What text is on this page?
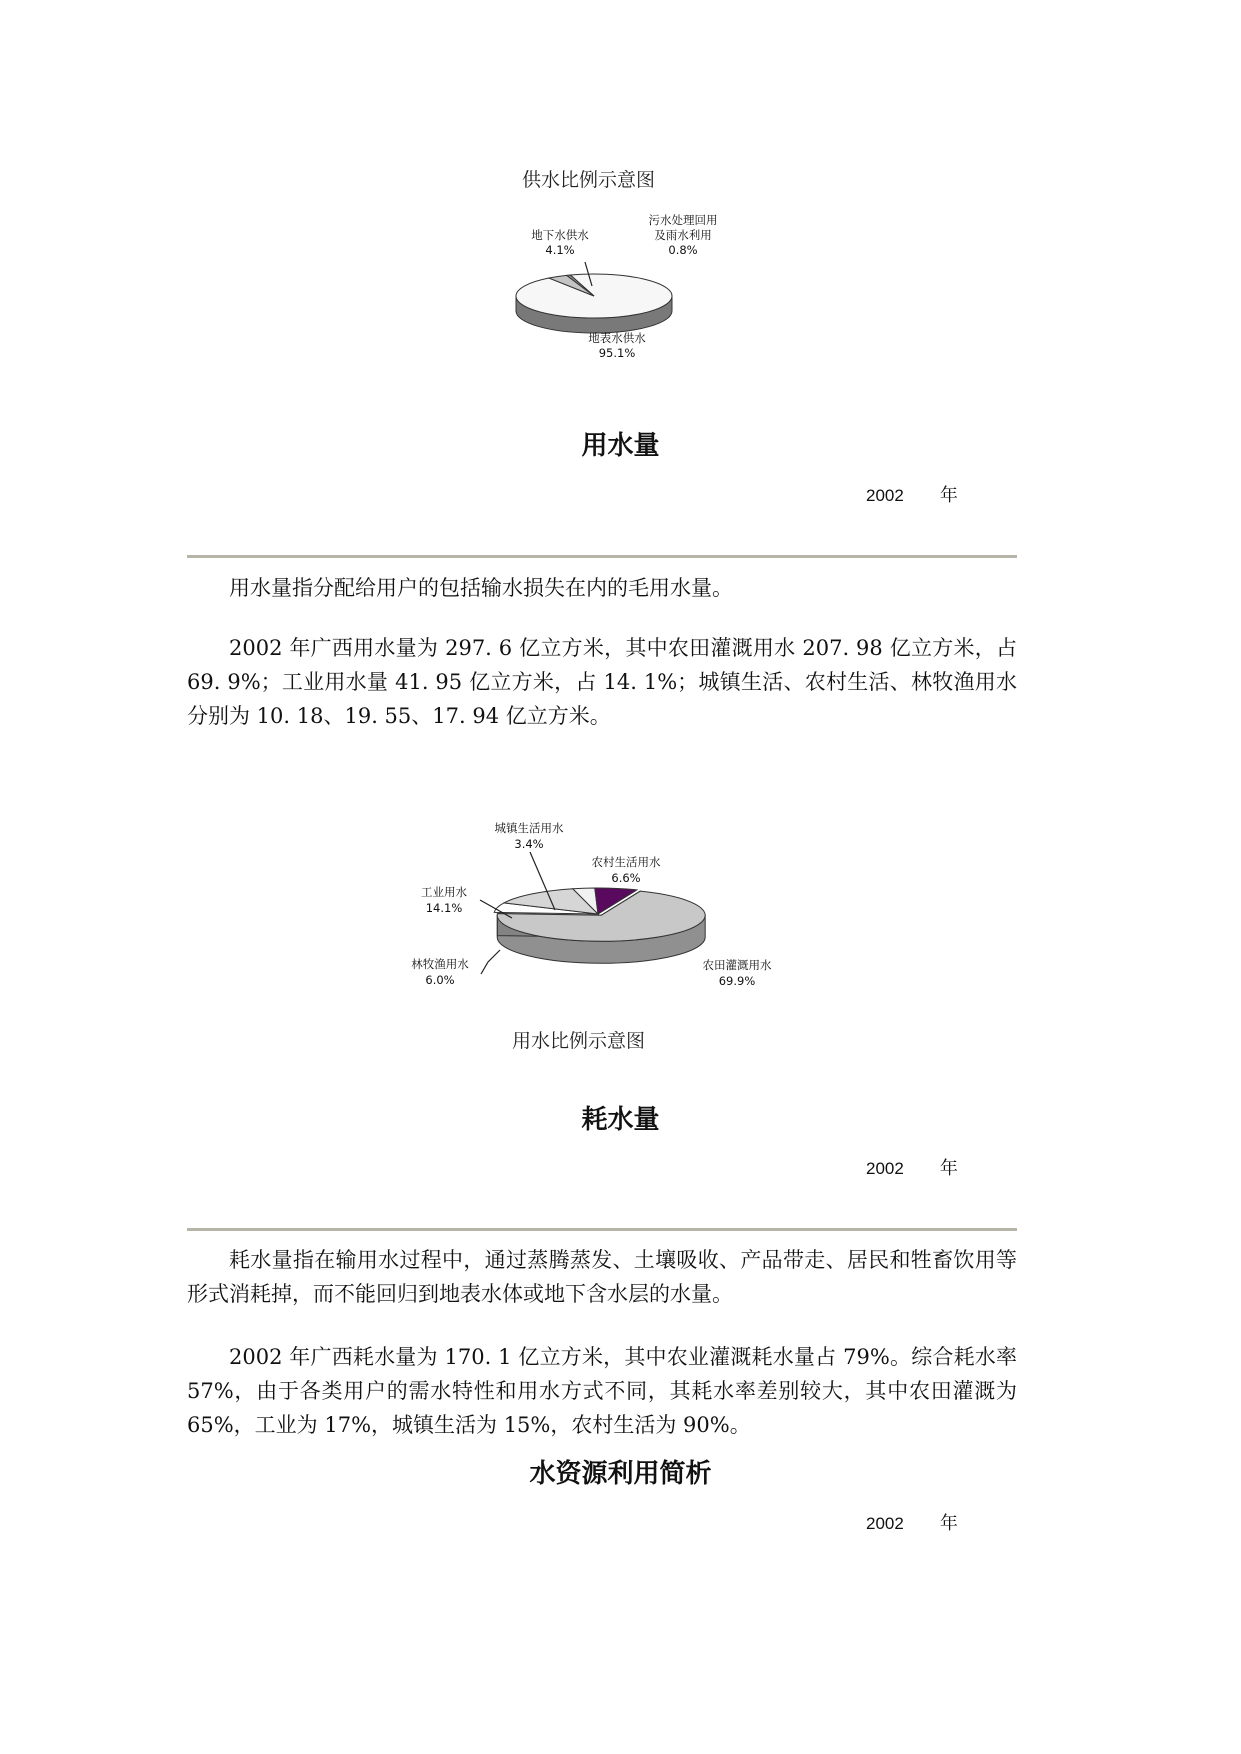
供水比例示意图
地表水供水
95.1%
地下水供水
4.1%
污水处理回用
及雨水利用
0.8%
用水量
2002 年

用水量指分配给用户的包括输水损失在内的毛用水量。

2002 年广西用水量为 297. 6 亿立方米，其中农田灌溉用水 207. 98 亿立方米，占 69. 9%；工业用水量 41. 95 亿立方米，占 14. 1%；城镇生活、农村生活、林牧渔用水分别为 10. 18、19. 55、17. 94 亿立方米。

农田灌溉用水
69.9%
林牧渔用水
6.0%
工业用水
14.1%
城镇生活用水
3.4%
农村生活用水
6.6%
用水比例示意图
耗水量
2002 年

耗水量指在输用水过程中，通过蒸腾蒸发、土壤吸收、产品带走、居民和牲畜饮用等形式消耗掉，而不能回归到地表水体或地下含水层的水量。

2002 年广西耗水量为 170. 1 亿立方米，其中农业灌溉耗水量占 79%。综合耗水率 57%，由于各类用户的需水特性和用水方式不同，其耗水率差别较大，其中农田灌溉为 65%，工业为 17%，城镇生活为 15%，农村生活为 90%。

水资源利用简析
2002 年
